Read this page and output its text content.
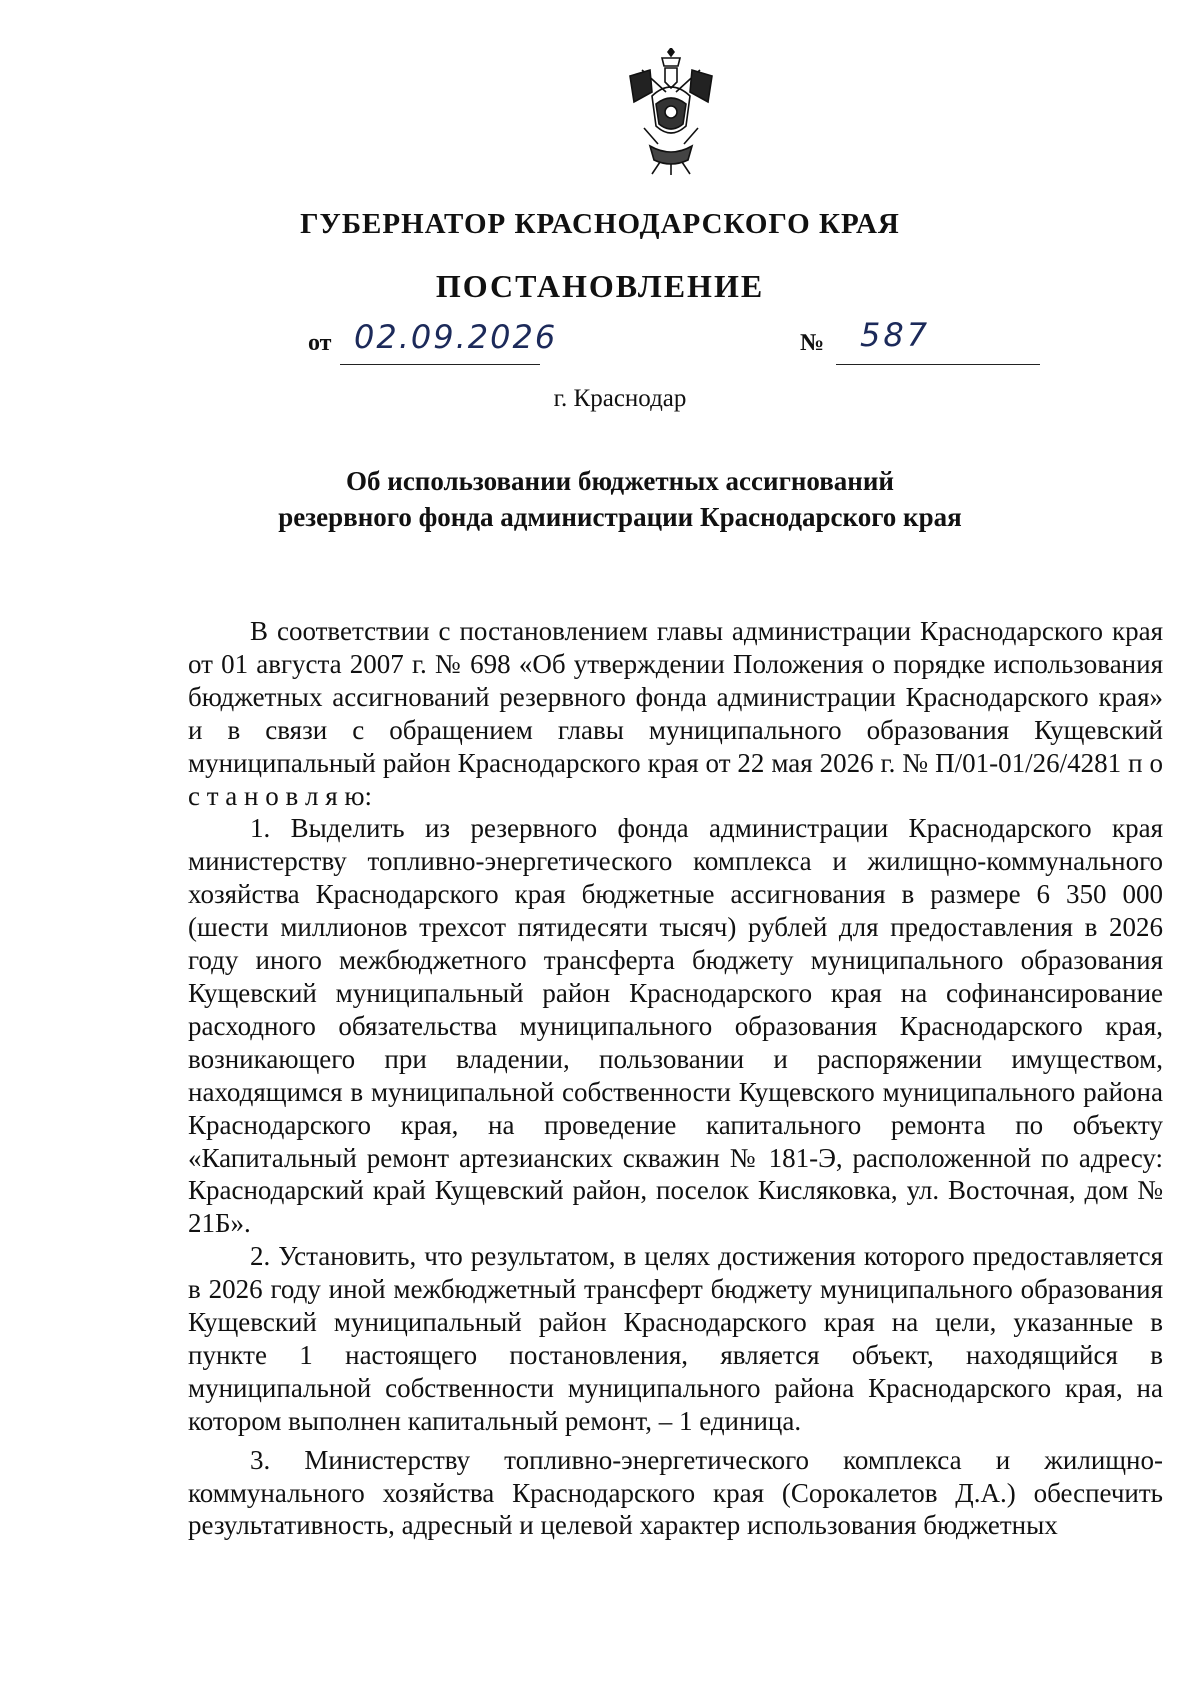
ГУБЕРНАТОР КРАСНОДАРСКОГО КРАЯ
ПОСТАНОВЛЕНИЕ
от 02.09.2026	№ 587
г. Краснодар
Об использовании бюджетных ассигнований
резервного фонда администрации Краснодарского края

В соответствии с постановлением главы администрации Краснодарского края от 01 августа 2007 г. № 698 «Об утверждении Положения о порядке использования бюджетных ассигнований резервного фонда администрации Краснодарского края» и в связи с обращением главы муниципального образования Кущевский муниципальный район Краснодарского края от 22 мая 2026 г. № П/01-01/26/4281 п о с т а н о в л я ю:

1. Выделить из резервного фонда администрации Краснодарского края министерству топливно-энергетического комплекса и жилищно-коммунального хозяйства Краснодарского края бюджетные ассигнования в размере 6 350 000 (шести миллионов трехсот пятидесяти тысяч) рублей для предоставления в 2026 году иного межбюджетного трансферта бюджету муниципального образования Кущевский муниципальный район Краснодарского края на софинансирование расходного обязательства муниципального образования Краснодарского края, возникающего при владении, пользовании и распоряжении имуществом, находящимся в муниципальной собственности Кущевского муниципального района Краснодарского края, на проведение капитального ремонта по объекту «Капитальный ремонт артезианских скважин № 181-Э, расположенной по адресу: Краснодарский край Кущевский район, поселок Кисляковка, ул. Восточная, дом № 21Б».

2. Установить, что результатом, в целях достижения которого предоставляется в 2026 году иной межбюджетный трансферт бюджету муниципального образования Кущевский муниципальный район Краснодарского края на цели, указанные в пункте 1 настоящего постановления, является объект, находящийся в муниципальной собственности муниципального района Краснодарского края, на котором выполнен капитальный ремонт, – 1 единица.

3. Министерству топливно-энергетического комплекса и жилищно-коммунального хозяйства Краснодарского края (Сорокалетов Д.А.) обеспечить результативность, адресный и целевой характер использования бюджетных
